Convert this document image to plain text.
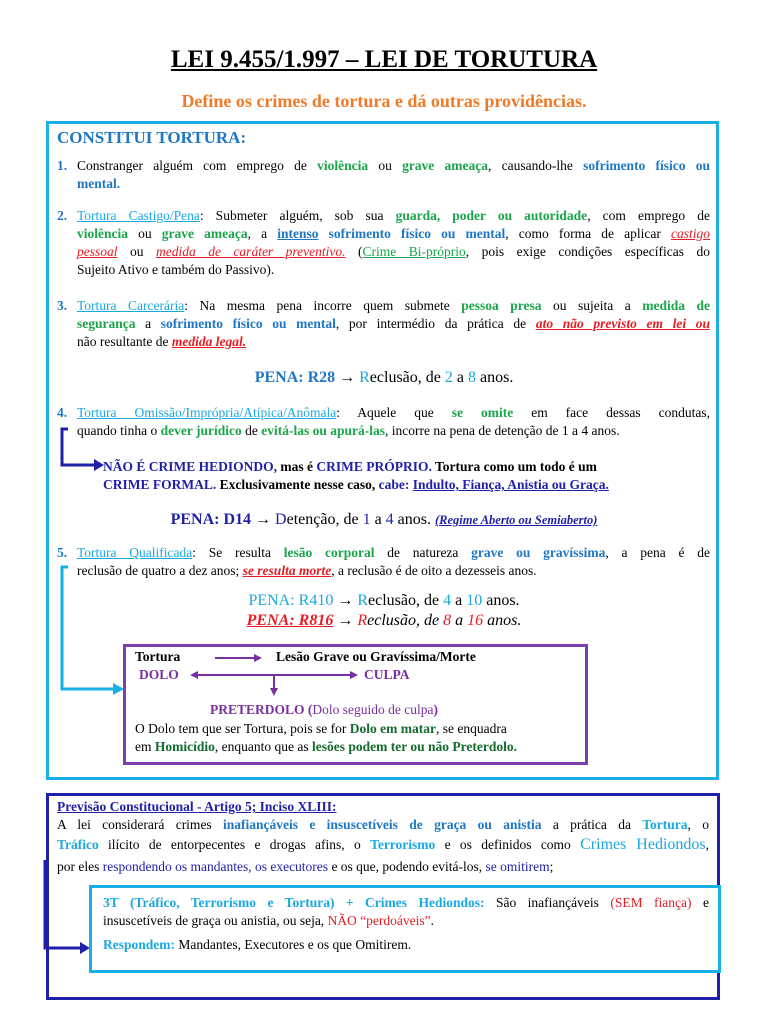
LEI 9.455/1.997 – LEI DE TORUTURA
Define os crimes de tortura e dá outras providências.
CONSTITUI TORTURA:
1. Constranger alguém com emprego de violência ou grave ameaça, causando-lhe sofrimento físico ou
mental.
2. Tortura Castigo/Pena: Submeter alguém, sob sua guarda, poder ou autoridade, com emprego de
violência ou grave ameaça, a intenso sofrimento físico ou mental, como forma de aplicar castigo
pessoal ou medida de caráter preventivo. (Crime Bi-próprio, pois exige condições específicas do
Sujeito Ativo e também do Passivo).
3. Tortura Carcerária: Na mesma pena incorre quem submete pessoa presa ou sujeita a medida de
segurança a sofrimento físico ou mental, por intermédio da prática de ato não previsto em lei ou
não resultante de medida legal.
PENA: R28 → Reclusão, de 2 a 8 anos.
4. Tortura Omissão/Imprópria/Atípica/Anômala: Aquele que se omite em face dessas condutas,
quando tinha o dever jurídico de evitá-las ou apurá-las, incorre na pena de detenção de 1 a 4 anos.
NÃO É CRIME HEDIONDO, mas é CRIME PRÓPRIO. Tortura como um todo é um
CRIME FORMAL. Exclusivamente nesse caso, cabe: Indulto, Fiança, Anistia ou Graça.
PENA: D14 → Detenção, de 1 a 4 anos. (Regime Aberto ou Semiaberto)
5. Tortura Qualificada: Se resulta lesão corporal de natureza grave ou gravíssima, a pena é de
reclusão de quatro a dez anos; se resulta morte, a reclusão é de oito a dezesseis anos.
PENA: R410 → Reclusão, de 4 a 10 anos.
PENA: R816 → Reclusão, de 8 a 16 anos.
Tortura	Lesão Grave ou Gravíssima/Morte
DOLO	CULPA
PRETERDOLO (Dolo seguido de culpa)
O Dolo tem que ser Tortura, pois se for Dolo em matar, se enquadra
em Homicídio, enquanto que as lesões podem ter ou não Preterdolo.
Previsão Constitucional - Artigo 5; Inciso XLIII:
A lei considerará crimes inafiançáveis e insuscetíveis de graça ou anistia a prática da Tortura, o
Tráfico ilícito de entorpecentes e drogas afins, o Terrorismo e os definidos como Crimes Hediondos,
por eles respondendo os mandantes, os executores e os que, podendo evitá-los, se omitirem;
3T (Tráfico, Terrorismo e Tortura) + Crimes Hediondos: São inafiançáveis (SEM fiança) e
insuscetíveis de graça ou anistia, ou seja, NÃO “perdoáveis”.
Respondem: Mandantes, Executores e os que Omitirem.
